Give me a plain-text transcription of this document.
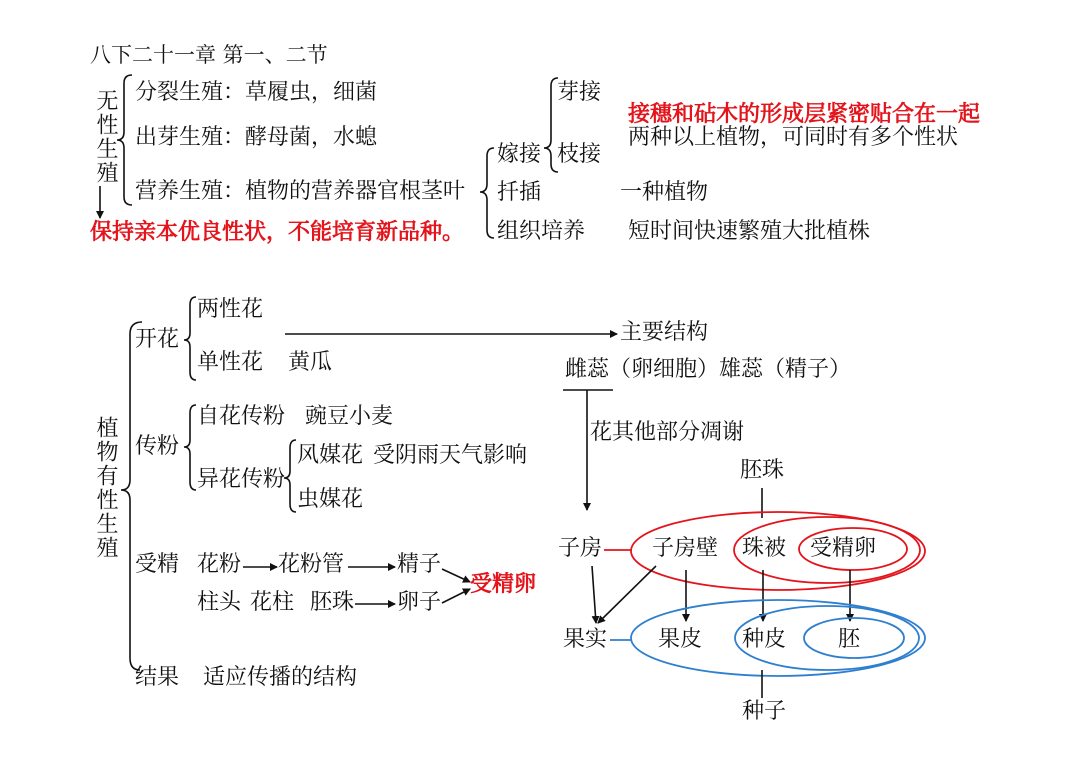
八下二十一章 第一、二节
无性生殖 分裂生殖：草履虫，细菌
出芽生殖：酵母菌，水螅
营养生殖：植物的营养器官根茎叶
保持亲本优良性状，不能培育新品种。
嫁接
扦插
组织培养
芽接
枝接
接穗和砧木的形成层紧密贴合在一起
两种以上植物，可同时有多个性状
一种植物
短时间快速繁殖大批植株
植物有性生殖
开花
两性花
单性花 黄瓜
主要结构
传粉
自花传粉 豌豆小麦
异花传粉
风媒花 受阴雨天气影响
虫媒花
受精 花粉 花粉管 精子
柱头 花柱 胚珠 卵子
受精卵
结果 适应传播的结构
雌蕊（卵细胞）雄蕊（精子）
花其他部分凋谢
胚珠
子房 子房壁 珠被 受精卵
果实 果皮 种皮 胚
种子
